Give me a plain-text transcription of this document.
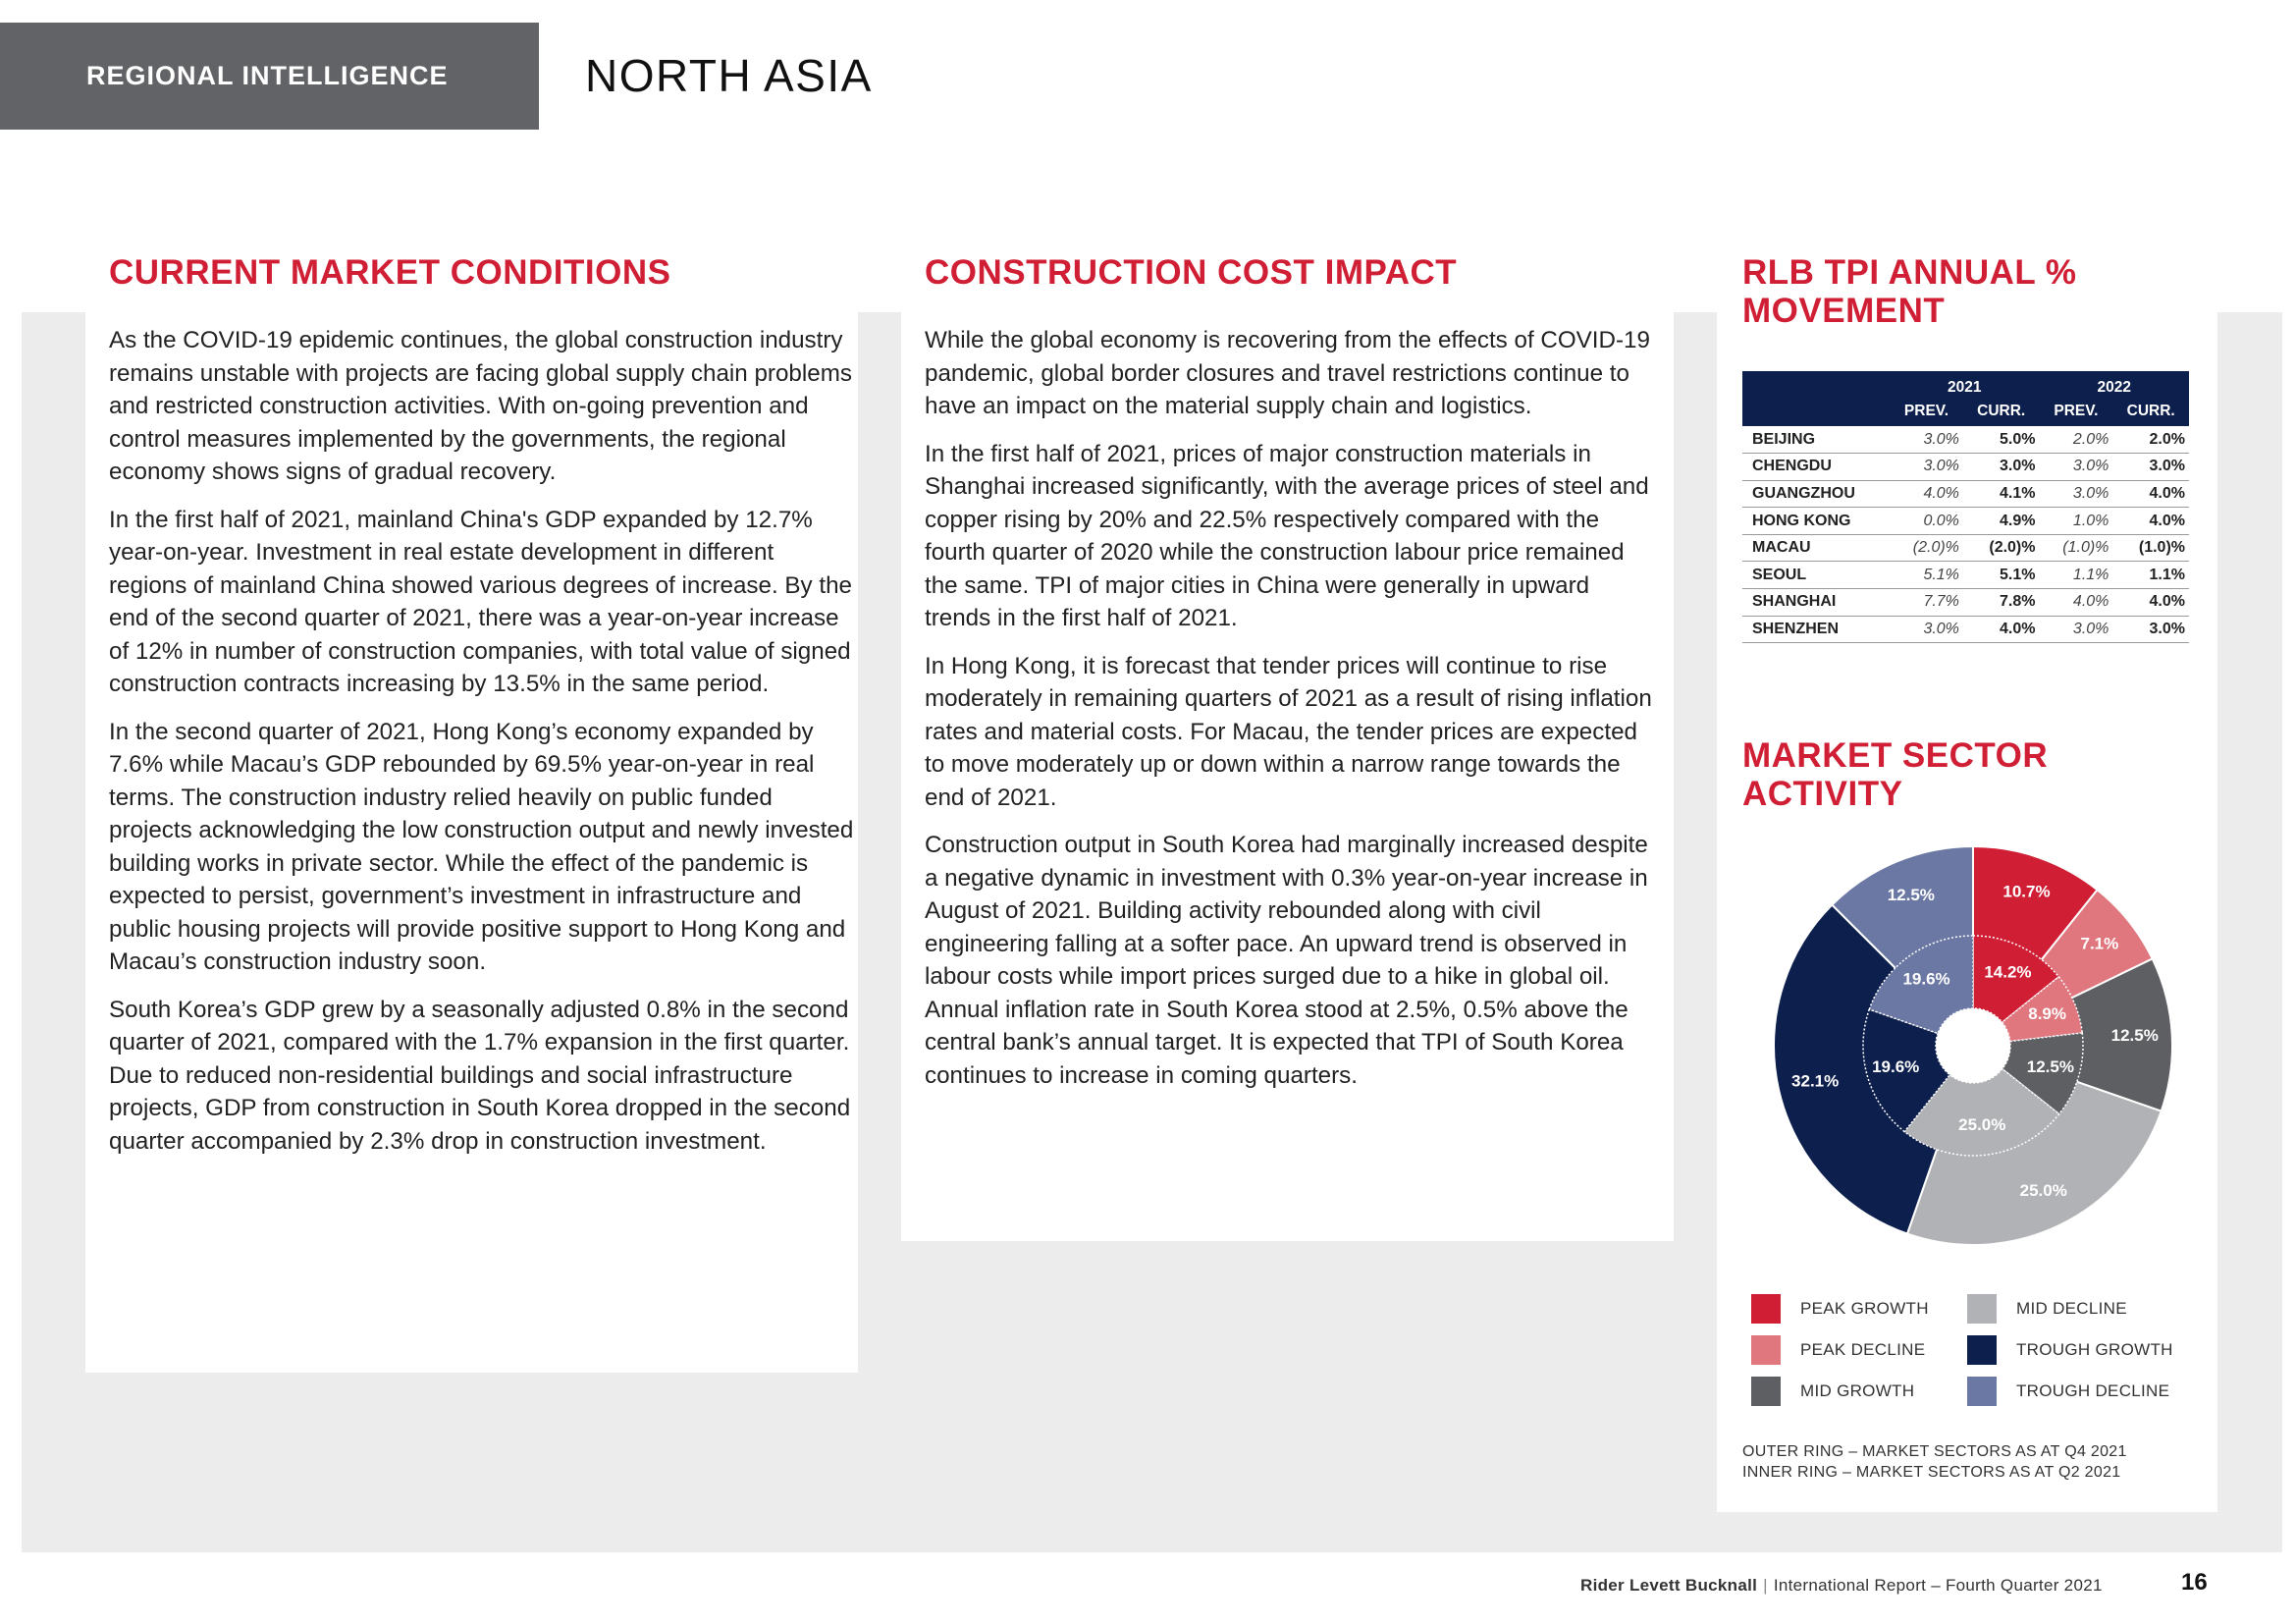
REGIONAL INTELLIGENCE	NORTH ASIA
CURRENT MARKET CONDITIONS

As the COVID-19 epidemic continues, the global construction industry remains unstable with projects are facing global supply chain problems and restricted construction activities. With on-going prevention and control measures implemented by the governments, the regional economy shows signs of gradual recovery.

In the first half of 2021, mainland China's GDP expanded by 12.7% year-on-year. Investment in real estate development in different regions of mainland China showed various degrees of increase. By the end of the second quarter of 2021, there was a year-on-year increase of 12% in number of construction companies, with total value of signed construction contracts increasing by 13.5% in the same period.

In the second quarter of 2021, Hong Kong’s economy expanded by 7.6% while Macau’s GDP rebounded by 69.5% year-on-year in real terms. The construction industry relied heavily on public funded projects acknowledging the low construction output and newly invested building works in private sector. While the effect of the pandemic is expected to persist, government’s investment in infrastructure and public housing projects will provide positive support to Hong Kong and Macau’s construction industry soon.

South Korea’s GDP grew by a seasonally adjusted 0.8% in the second quarter of 2021, compared with the 1.7% expansion in the first quarter. Due to reduced non-residential buildings and social infrastructure projects, GDP from construction in South Korea dropped in the second quarter accompanied by 2.3% drop in construction investment.

CONSTRUCTION COST IMPACT

While the global economy is recovering from the effects of COVID-19 pandemic, global border closures and travel restrictions continue to have an impact on the material supply chain and logistics.

In the first half of 2021, prices of major construction materials in Shanghai increased significantly, with the average prices of steel and copper rising by 20% and 22.5% respectively compared with the fourth quarter of 2020 while the construction labour price remained the same. TPI of major cities in China were generally in upward trends in the first half of 2021.

In Hong Kong, it is forecast that tender prices will continue to rise moderately in remaining quarters of 2021 as a result of rising inflation rates and material costs. For Macau, the tender prices are expected to move moderately up or down within a narrow range towards the end of 2021.

Construction output in South Korea had marginally increased despite a negative dynamic in investment with 0.3% year-on-year increase in August of 2021. Building activity rebounded along with civil engineering falling at a softer pace. An upward trend is observed in labour costs while import prices surged due to a hike in global oil. Annual inflation rate in South Korea stood at 2.5%, 0.5% above the central bank’s annual target. It is expected that TPI of South Korea continues to increase in coming quarters.

RLB TPI ANNUAL %
MOVEMENT
	2021		2022	
	PREV.	CURR.	PREV.	CURR.
BEIJING	3.0%	5.0%	2.0%	2.0%
CHENGDU	3.0%	3.0%	3.0%	3.0%
GUANGZHOU	4.0%	4.1%	3.0%	4.0%
HONG KONG	0.0%	4.9%	1.0%	4.0%
MACAU	(2.0)%	(2.0)%	(1.0)%	(1.0)%
SEOUL	5.1%	5.1%	1.1%	1.1%
SHANGHAI	7.7%	7.8%	4.0%	4.0%
SHENZHEN	3.0%	4.0%	3.0%	3.0%
MARKET SECTOR
ACTIVITY
10.7%
7.1%
12.5%
25.0%
32.1%
12.5%
14.2%
8.9%
12.5%
25.0%
19.6%
19.6%
PEAK GROWTH	MID DECLINE
PEAK DECLINE	TROUGH GROWTH
MID GROWTH	TROUGH DECLINE
OUTER RING – MARKET SECTORS AS AT Q4 2021
INNER RING – MARKET SECTORS AS AT Q2 2021
Rider Levett Bucknall | International Report – Fourth Quarter 2021	16
